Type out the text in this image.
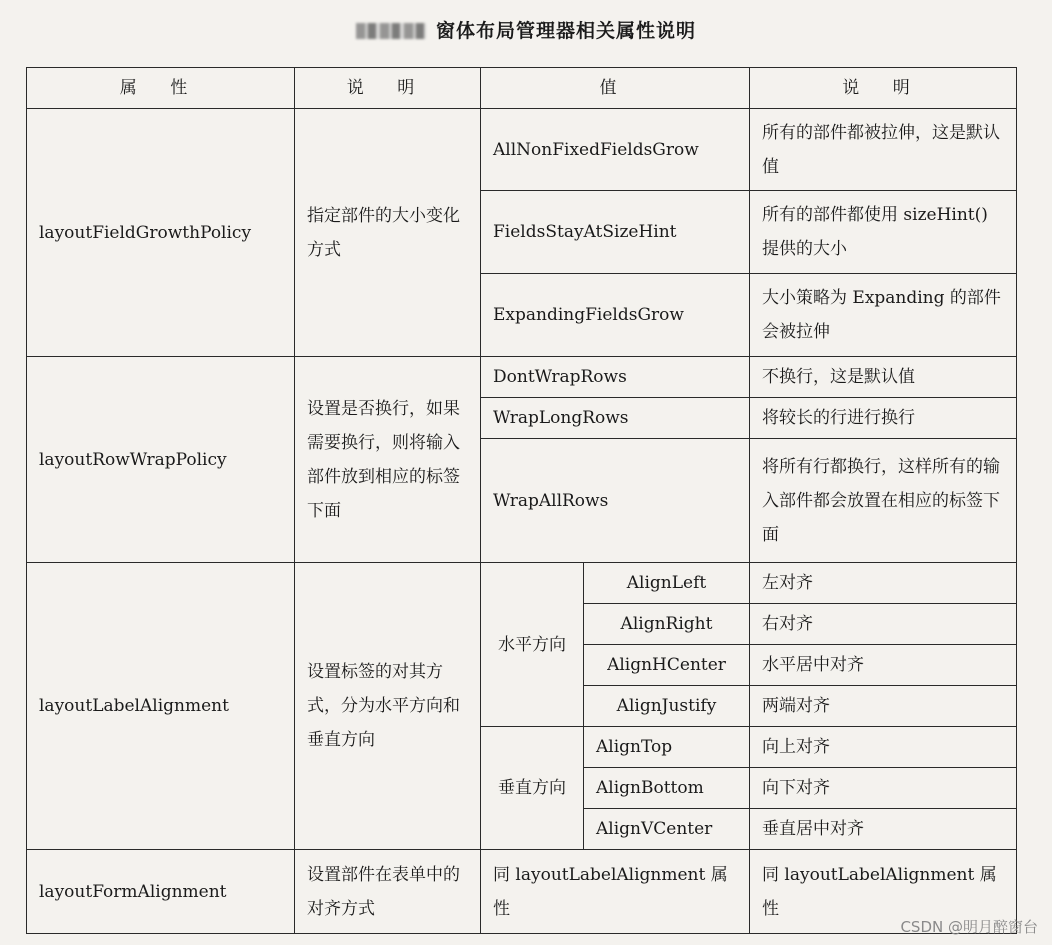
窗体布局管理器相关属性说明
属 性	说 明	值		说 明
layoutFieldGrowthPolicy	指定部件的大小变化方式	AllNonFixedFieldsGrow		所有的部件都被拉伸，这是默认值
		FieldsStayAtSizeHint		所有的部件都使用 sizeHint()提供的大小
		ExpandingFieldsGrow		大小策略为 Expanding 的部件会被拉伸
layoutRowWrapPolicy	设置是否换行，如果需要换行，则将输入部件放到相应的标签下面	DontWrapRows		不换行，这是默认值
		WrapLongRows		将较长的行进行换行
		WrapAllRows		将所有行都换行，这样所有的输入部件都会放置在相应的标签下面
layoutLabelAlignment	设置标签的对其方式，分为水平方向和垂直方向	水平方向	AlignLeft	左对齐
			AlignRight	右对齐
			AlignHCenter	水平居中对齐
			AlignJustify	两端对齐
		垂直方向	AlignTop	向上对齐
			AlignBottom	向下对齐
			AlignVCenter	垂直居中对齐
layoutFormAlignment	设置部件在表单中的对齐方式	同 layoutLabelAlignment 属性		同 layoutLabelAlignment 属性
CSDN @明月醉窗台
